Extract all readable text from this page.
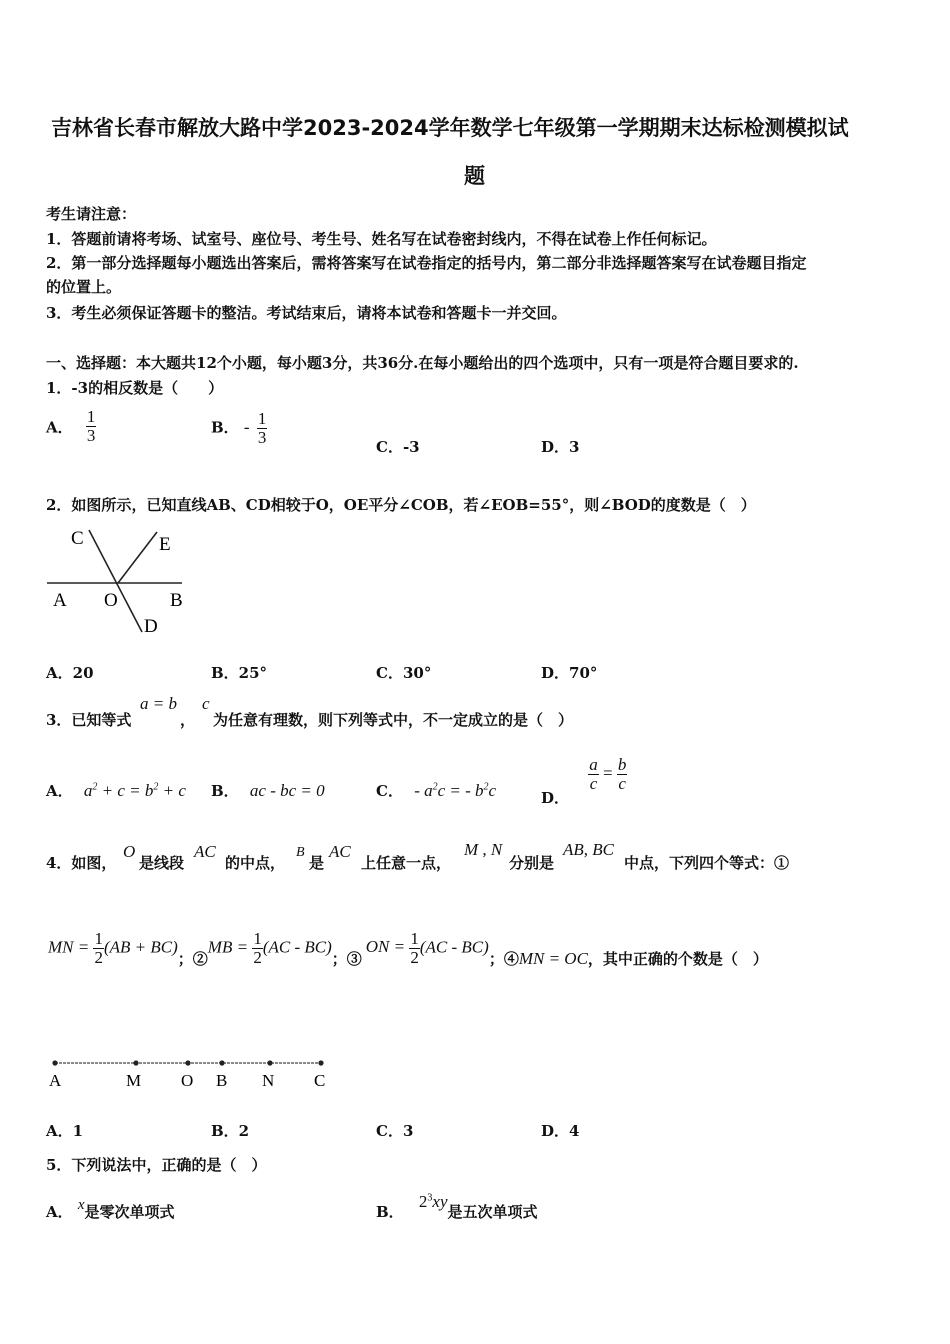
吉林省长春市解放大路中学2023-2024学年数学七年级第一学期期末达标检测模拟试
题
考生请注意：
1．答题前请将考场、试室号、座位号、考生号、姓名写在试卷密封线内，不得在试卷上作任何标记。
2．第一部分选择题每小题选出答案后，需将答案写在试卷指定的括号内，第二部分非选择题答案写在试卷题目指定
的位置上。
3．考生必须保证答题卡的整洁。考试结束后，请将本试卷和答题卡一并交回。
一、选择题：本大题共12个小题，每小题3分，共36分.在每小题给出的四个选项中，只有一项是符合题目要求的.
1．-3的相反数是（　　）
A． $\frac{1}{3}$	B． - $\frac{1}{3}$
C．-3	D．3
2．如图所示，已知直线AB、CD相较于O，OE平分∠COB，若∠EOB=55°，则∠BOD的度数是（　）
C	E
A O	B
D
A．20	B．25°	C．30°	D．70°
3．已知等式
a = b
，
c
为任意有理数，则下列等式中，不一定成立的是（　）
A． $a^2 + c = b^2 + c$ B． ac - bc = 0	C． - $a^2c$ = - $b^2c$	D．
$\frac{a}{c} = \frac{b}{c}$
4．如图，
O
是线段
AC
的中点，
B
是
AC
上任意一点，
M , N
分别是
AB, BC
中点，下列四个等式：①
MN = $\frac{1}{2} (AB + BC)$；②MB = $\frac{1}{2} (AC - BC)$；③ON = $\frac{1}{2} (AC - BC)$；④MN = OC，其中正确的个数是（　）
A	M O B N C
A．1	B．2	C．3	D．4
5．下列说法中，正确的是（　）
A． x是零次单项式	B． $2^3xy$是五次单项式
